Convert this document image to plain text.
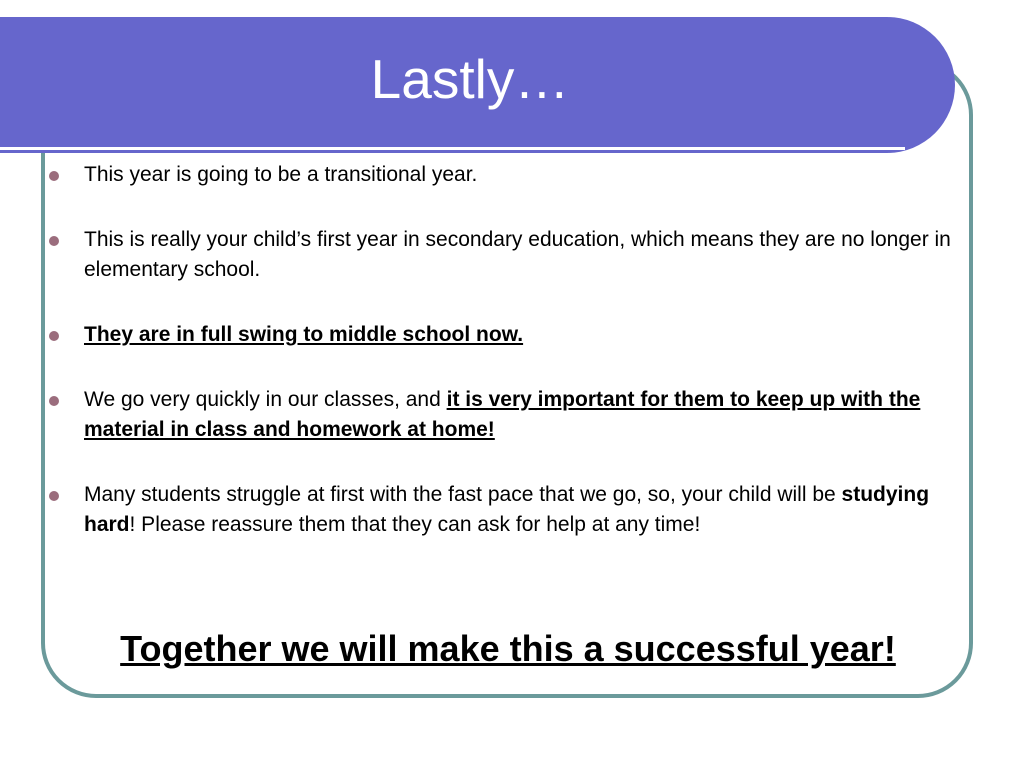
Lastly…
This year is going to be a transitional year.
This is really your child’s first year in secondary education, which means they are no longer in elementary school.
They are in full swing to middle school now.
We go very quickly in our classes, and it is very important for them to keep up with the material in class and homework at home!
Many students struggle at first with the fast pace that we go, so, your child will be studying hard! Please reassure them that they can ask for help at any time!
Together we will make this a successful year!
